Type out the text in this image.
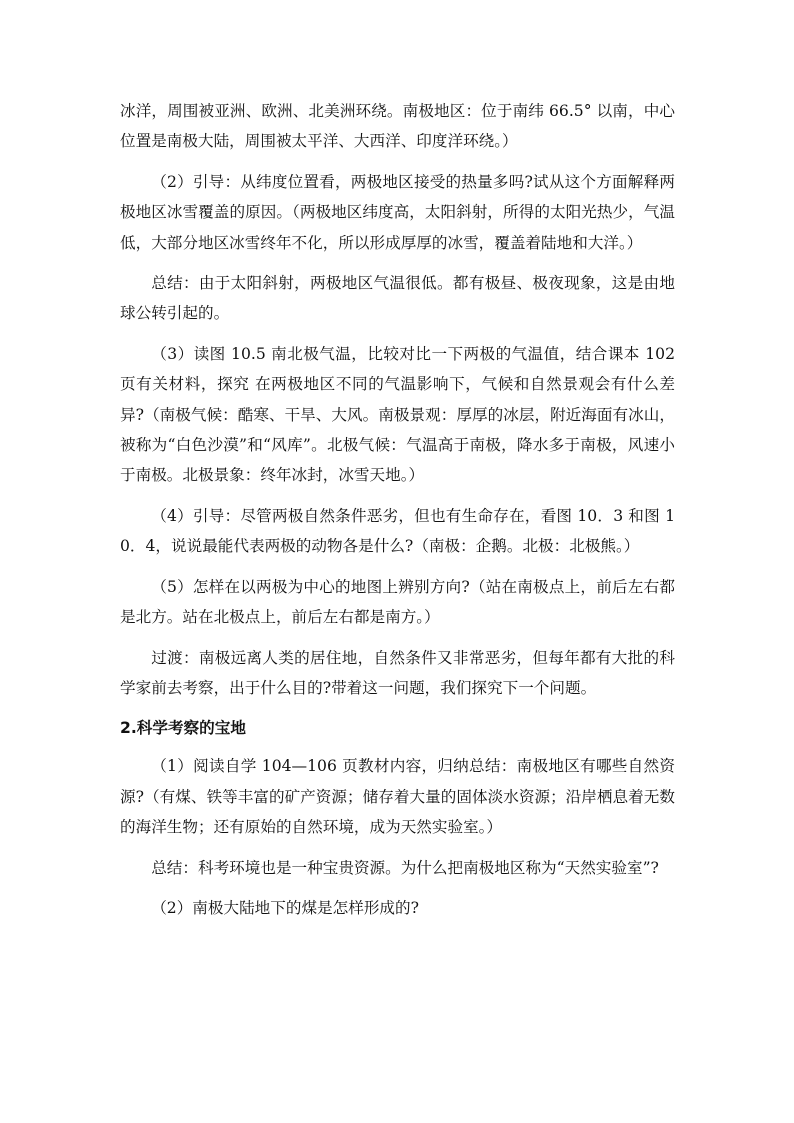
冰洋，周围被亚洲、欧洲、北美洲环绕。南极地区：位于南纬 66.5° 以南，中心位置是南极大陆，周围被太平洋、大西洋、印度洋环绕。）

（2）引导：从纬度位置看，两极地区接受的热量多吗?试从这个方面解释两极地区冰雪覆盖的原因。（两极地区纬度高，太阳斜射，所得的太阳光热少，气温低，大部分地区冰雪终年不化，所以形成厚厚的冰雪，覆盖着陆地和大洋。）

总结：由于太阳斜射，两极地区气温很低。都有极昼、极夜现象，这是由地球公转引起的。

（3）读图 10.5 南北极气温，比较对比一下两极的气温值，结合课本 102 页有关材料，探究 在两极地区不同的气温影响下，气候和自然景观会有什么差异?（南极气候：酷寒、干旱、大风。南极景观：厚厚的冰层，附近海面有冰山，被称为“白色沙漠”和“风库”。北极气候：气温高于南极，降水多于南极，风速小于南极。北极景象：终年冰封，冰雪天地。）

（4）引导：尽管两极自然条件恶劣，但也有生命存在，看图 10．3 和图 10．4，说说最能代表两极的动物各是什么?（南极：企鹅。北极：北极熊。）

（5）怎样在以两极为中心的地图上辨别方向?（站在南极点上，前后左右都是北方。站在北极点上，前后左右都是南方。）

过渡：南极远离人类的居住地，自然条件又非常恶劣，但每年都有大批的科学家前去考察，出于什么目的?带着这一问题，我们探究下一个问题。

2.科学考察的宝地

（1）阅读自学 104—106 页教材内容，归纳总结：南极地区有哪些自然资源?（有煤、铁等丰富的矿产资源；储存着大量的固体淡水资源；沿岸栖息着无数的海洋生物；还有原始的自然环境，成为天然实验室。）

总结：科考环境也是一种宝贵资源。为什么把南极地区称为“天然实验室”?

（2）南极大陆地下的煤是怎样形成的?
